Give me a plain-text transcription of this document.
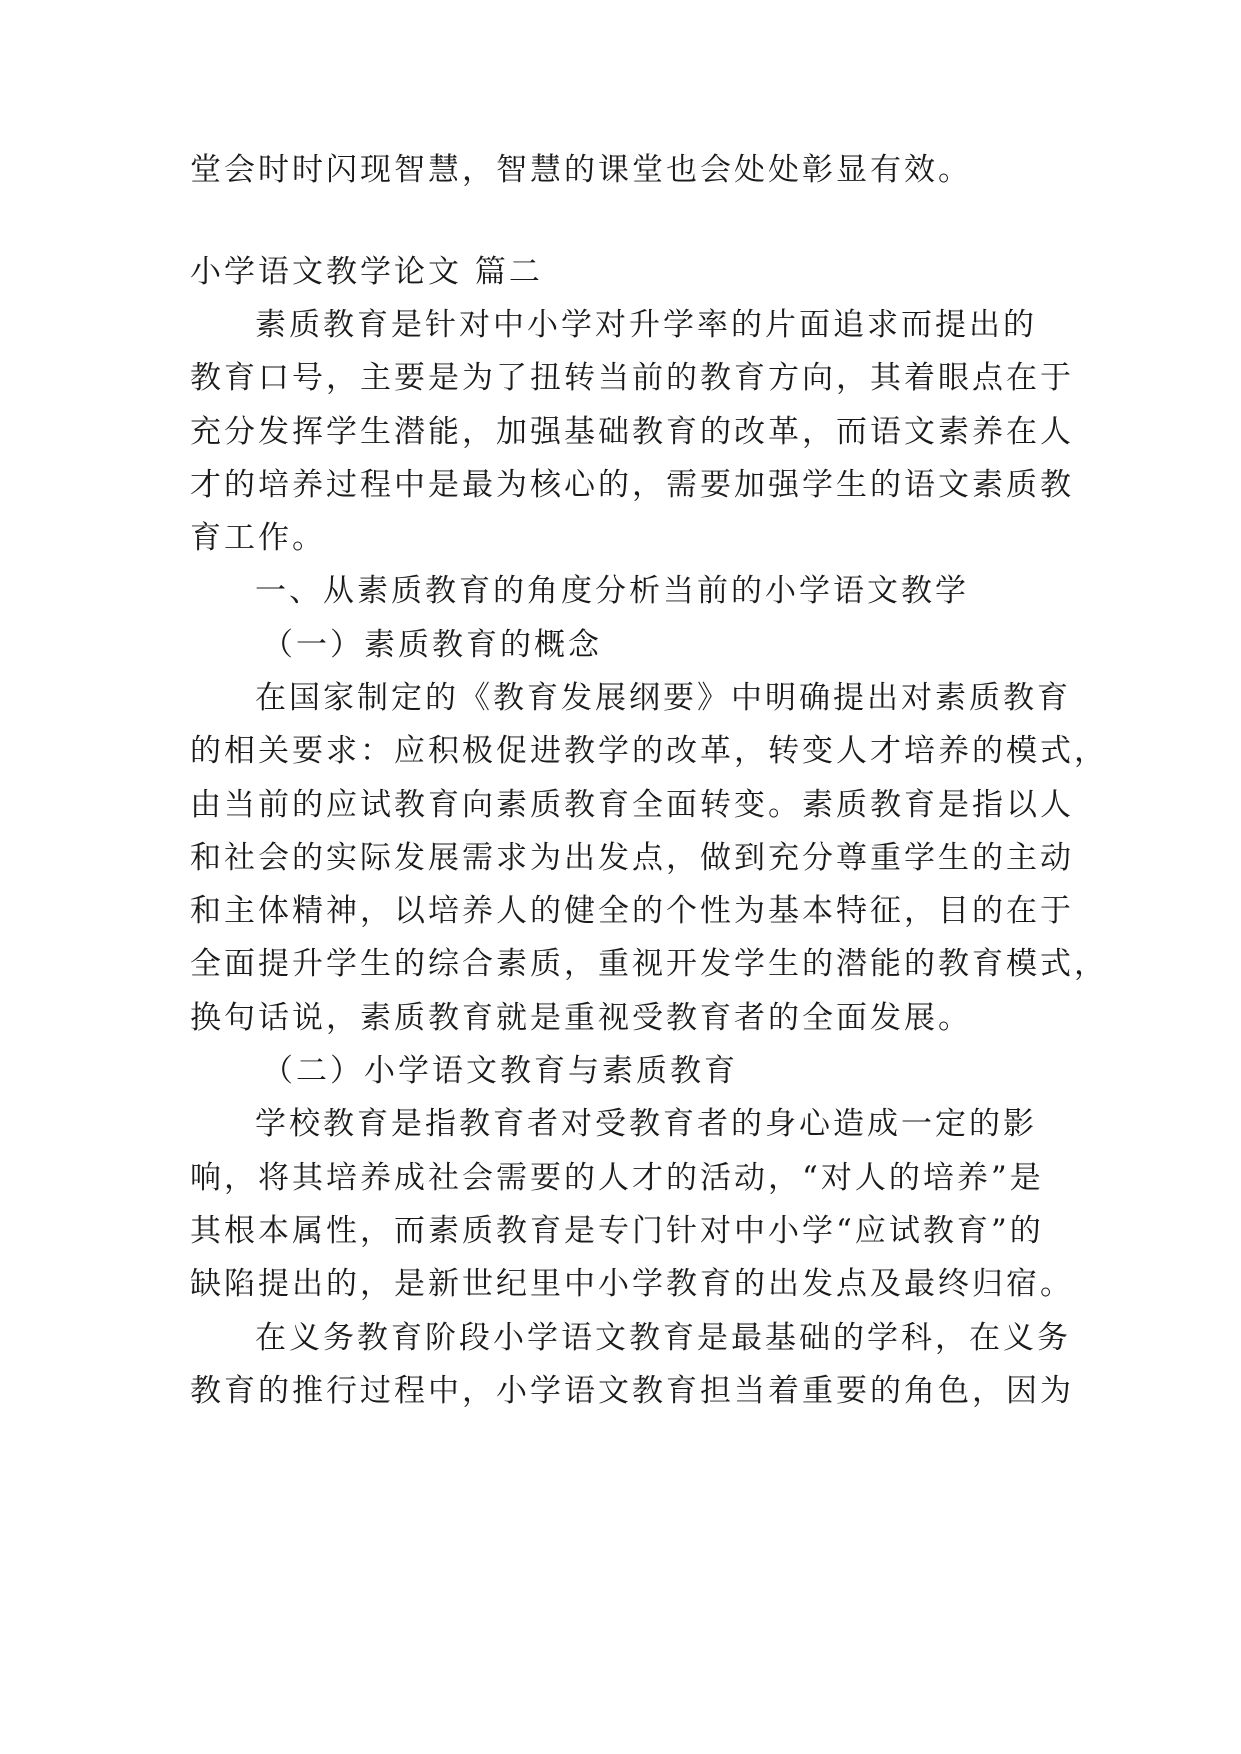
堂会时时闪现智慧，智慧的课堂也会处处彰显有效。
小学语文教学论文 篇二
素质教育是针对中小学对升学率的片面追求而提出的
教育口号，主要是为了扭转当前的教育方向，其着眼点在于
充分发挥学生潜能，加强基础教育的改革，而语文素养在人
才的培养过程中是最为核心的，需要加强学生的语文素质教
育工作。
一、从素质教育的角度分析当前的小学语文教学
（一）素质教育的概念
在国家制定的《教育发展纲要》中明确提出对素质教育
的相关要求：应积极促进教学的改革，转变人才培养的模式，
由当前的应试教育向素质教育全面转变。素质教育是指以人
和社会的实际发展需求为出发点，做到充分尊重学生的主动
和主体精神，以培养人的健全的个性为基本特征，目的在于
全面提升学生的综合素质，重视开发学生的潜能的教育模式，
换句话说，素质教育就是重视受教育者的全面发展。
（二）小学语文教育与素质教育
学校教育是指教育者对受教育者的身心造成一定的影
响，将其培养成社会需要的人才的活动，“对人的培养”是
其根本属性，而素质教育是专门针对中小学“应试教育”的
缺陷提出的，是新世纪里中小学教育的出发点及最终归宿。
在义务教育阶段小学语文教育是最基础的学科，在义务
教育的推行过程中，小学语文教育担当着重要的角色，因为
